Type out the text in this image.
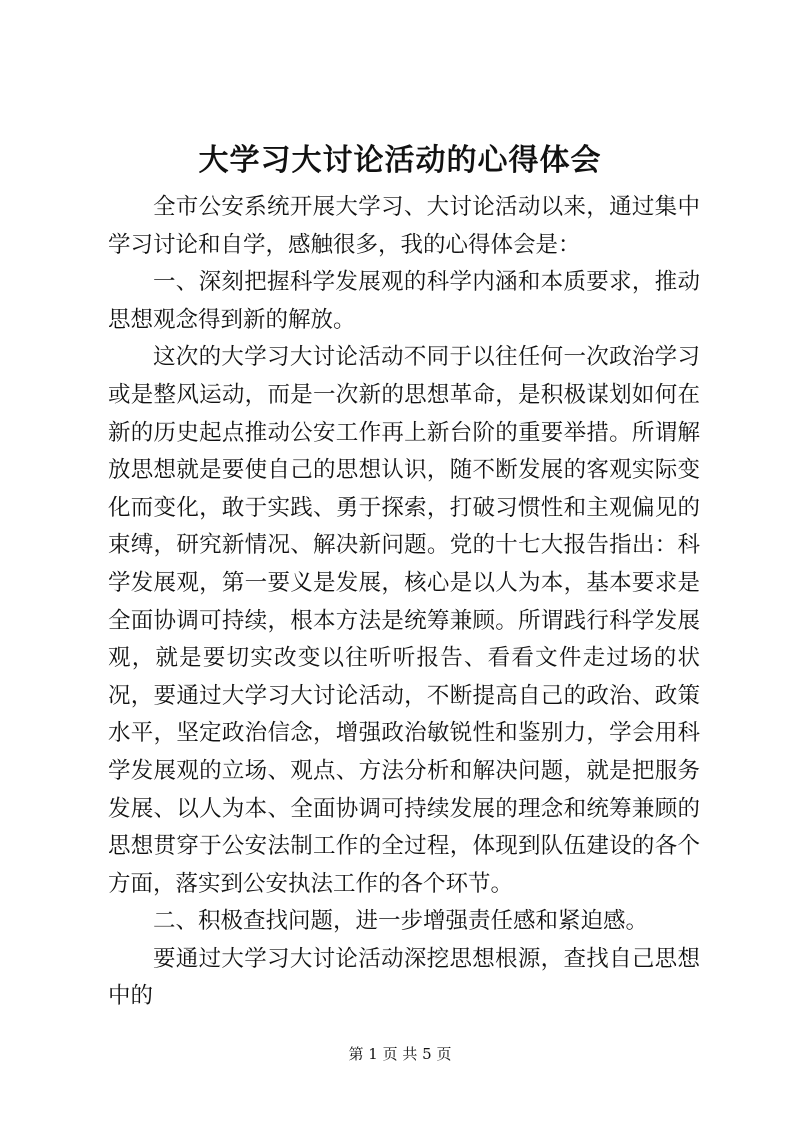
大学习大讨论活动的心得体会

全市公安系统开展大学习、大讨论活动以来，通过集中学习讨论和自学，感触很多，我的心得体会是：

一、深刻把握科学发展观的科学内涵和本质要求，推动思想观念得到新的解放。

这次的大学习大讨论活动不同于以往任何一次政治学习或是整风运动，而是一次新的思想革命，是积极谋划如何在新的历史起点推动公安工作再上新台阶的重要举措。所谓解放思想就是要使自己的思想认识，随不断发展的客观实际变化而变化，敢于实践、勇于探索，打破习惯性和主观偏见的束缚，研究新情况、解决新问题。党的十七大报告指出：科学发展观，第一要义是发展，核心是以人为本，基本要求是全面协调可持续，根本方法是统筹兼顾。所谓践行科学发展观，就是要切实改变以往听听报告、看看文件走过场的状况，要通过大学习大讨论活动，不断提高自己的政治、政策水平，坚定政治信念，增强政治敏锐性和鉴别力，学会用科学发展观的立场、观点、方法分析和解决问题，就是把服务发展、以人为本、全面协调可持续发展的理念和统筹兼顾的思想贯穿于公安法制工作的全过程，体现到队伍建设的各个方面，落实到公安执法工作的各个环节。

二、积极查找问题，进一步增强责任感和紧迫感。

要通过大学习大讨论活动深挖思想根源，查找自己思想中的

第 1 页 共 5 页
